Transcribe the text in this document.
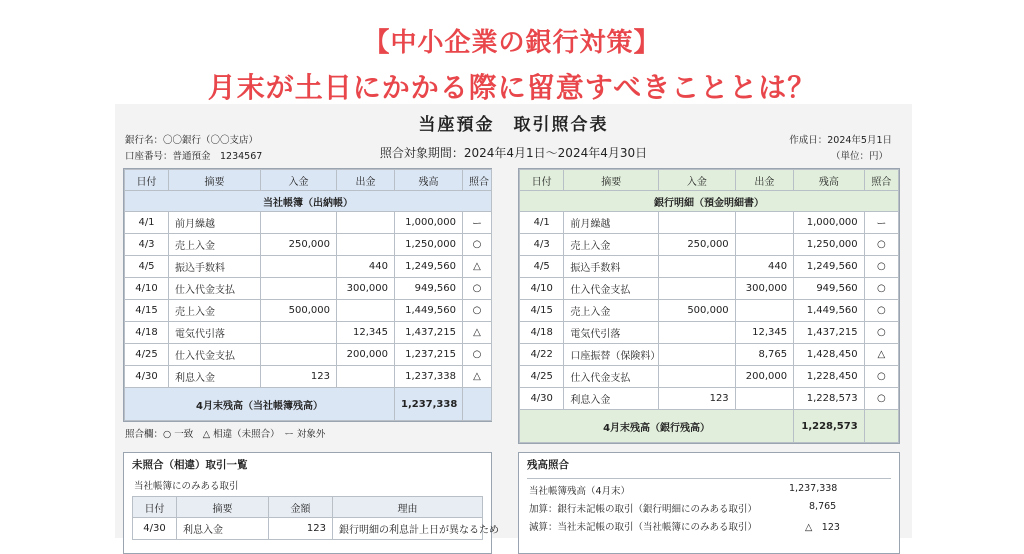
【中小企業の銀行対策】
月末が土日にかかる際に留意すべきこととは？
当座預金　取引照合表
銀行名：〇〇銀行（〇〇支店）
口座番号：普通預金　1234567
作成日：2024年5月1日
（単位：円）
照合対象期間：2024年4月1日～2024年4月30日
当社帳簿（出納帳）					
日付	摘要	入金	出金	残高	照合
4/1	前月繰越			1,000,000	ー
4/3	売上入金	250,000		1,250,000	○
4/5	振込手数料		440	1,249,560	△
4/10	仕入代金支払		300,000	949,560	○
4/15	売上入金	500,000		1,449,560	○
4/18	電気代引落		12,345	1,437,215	△
4/25	仕入代金支払		200,000	1,237,215	○
4/30	利息入金	123		1,237,338	△
4月末残高（当社帳簿残高）				1,237,338	
銀行明細（預金明細書）					
日付	摘要	入金	出金	残高	照合
4/1	前月繰越			1,000,000	ー
4/3	売上入金	250,000		1,250,000	○
4/5	振込手数料		440	1,249,560	○
4/10	仕入代金支払		300,000	949,560	○
4/15	売上入金	500,000		1,449,560	○
4/18	電気代引落		12,345	1,437,215	○
4/22	口座振替（保険料）		8,765	1,428,450	△
4/25	仕入代金支払		200,000	1,228,450	○
4/30	利息入金	123		1,228,573	○
4月末残高（銀行残高）				1,228,573	
照合欄：○ 一致　△ 相違（未照合）　ー 対象外
未照合（相違）取引一覧
当社帳簿にのみある取引
日付	摘要	金額	理由
4/30	利息入金	123	銀行明細の利息計上日が異なるため
残高照合
当社帳簿残高（4月末）	1,237,338
加算：銀行未記帳の取引（銀行明細にのみある取引）	8,765
減算：当社未記帳の取引（当社帳簿にのみある取引）	△　123
